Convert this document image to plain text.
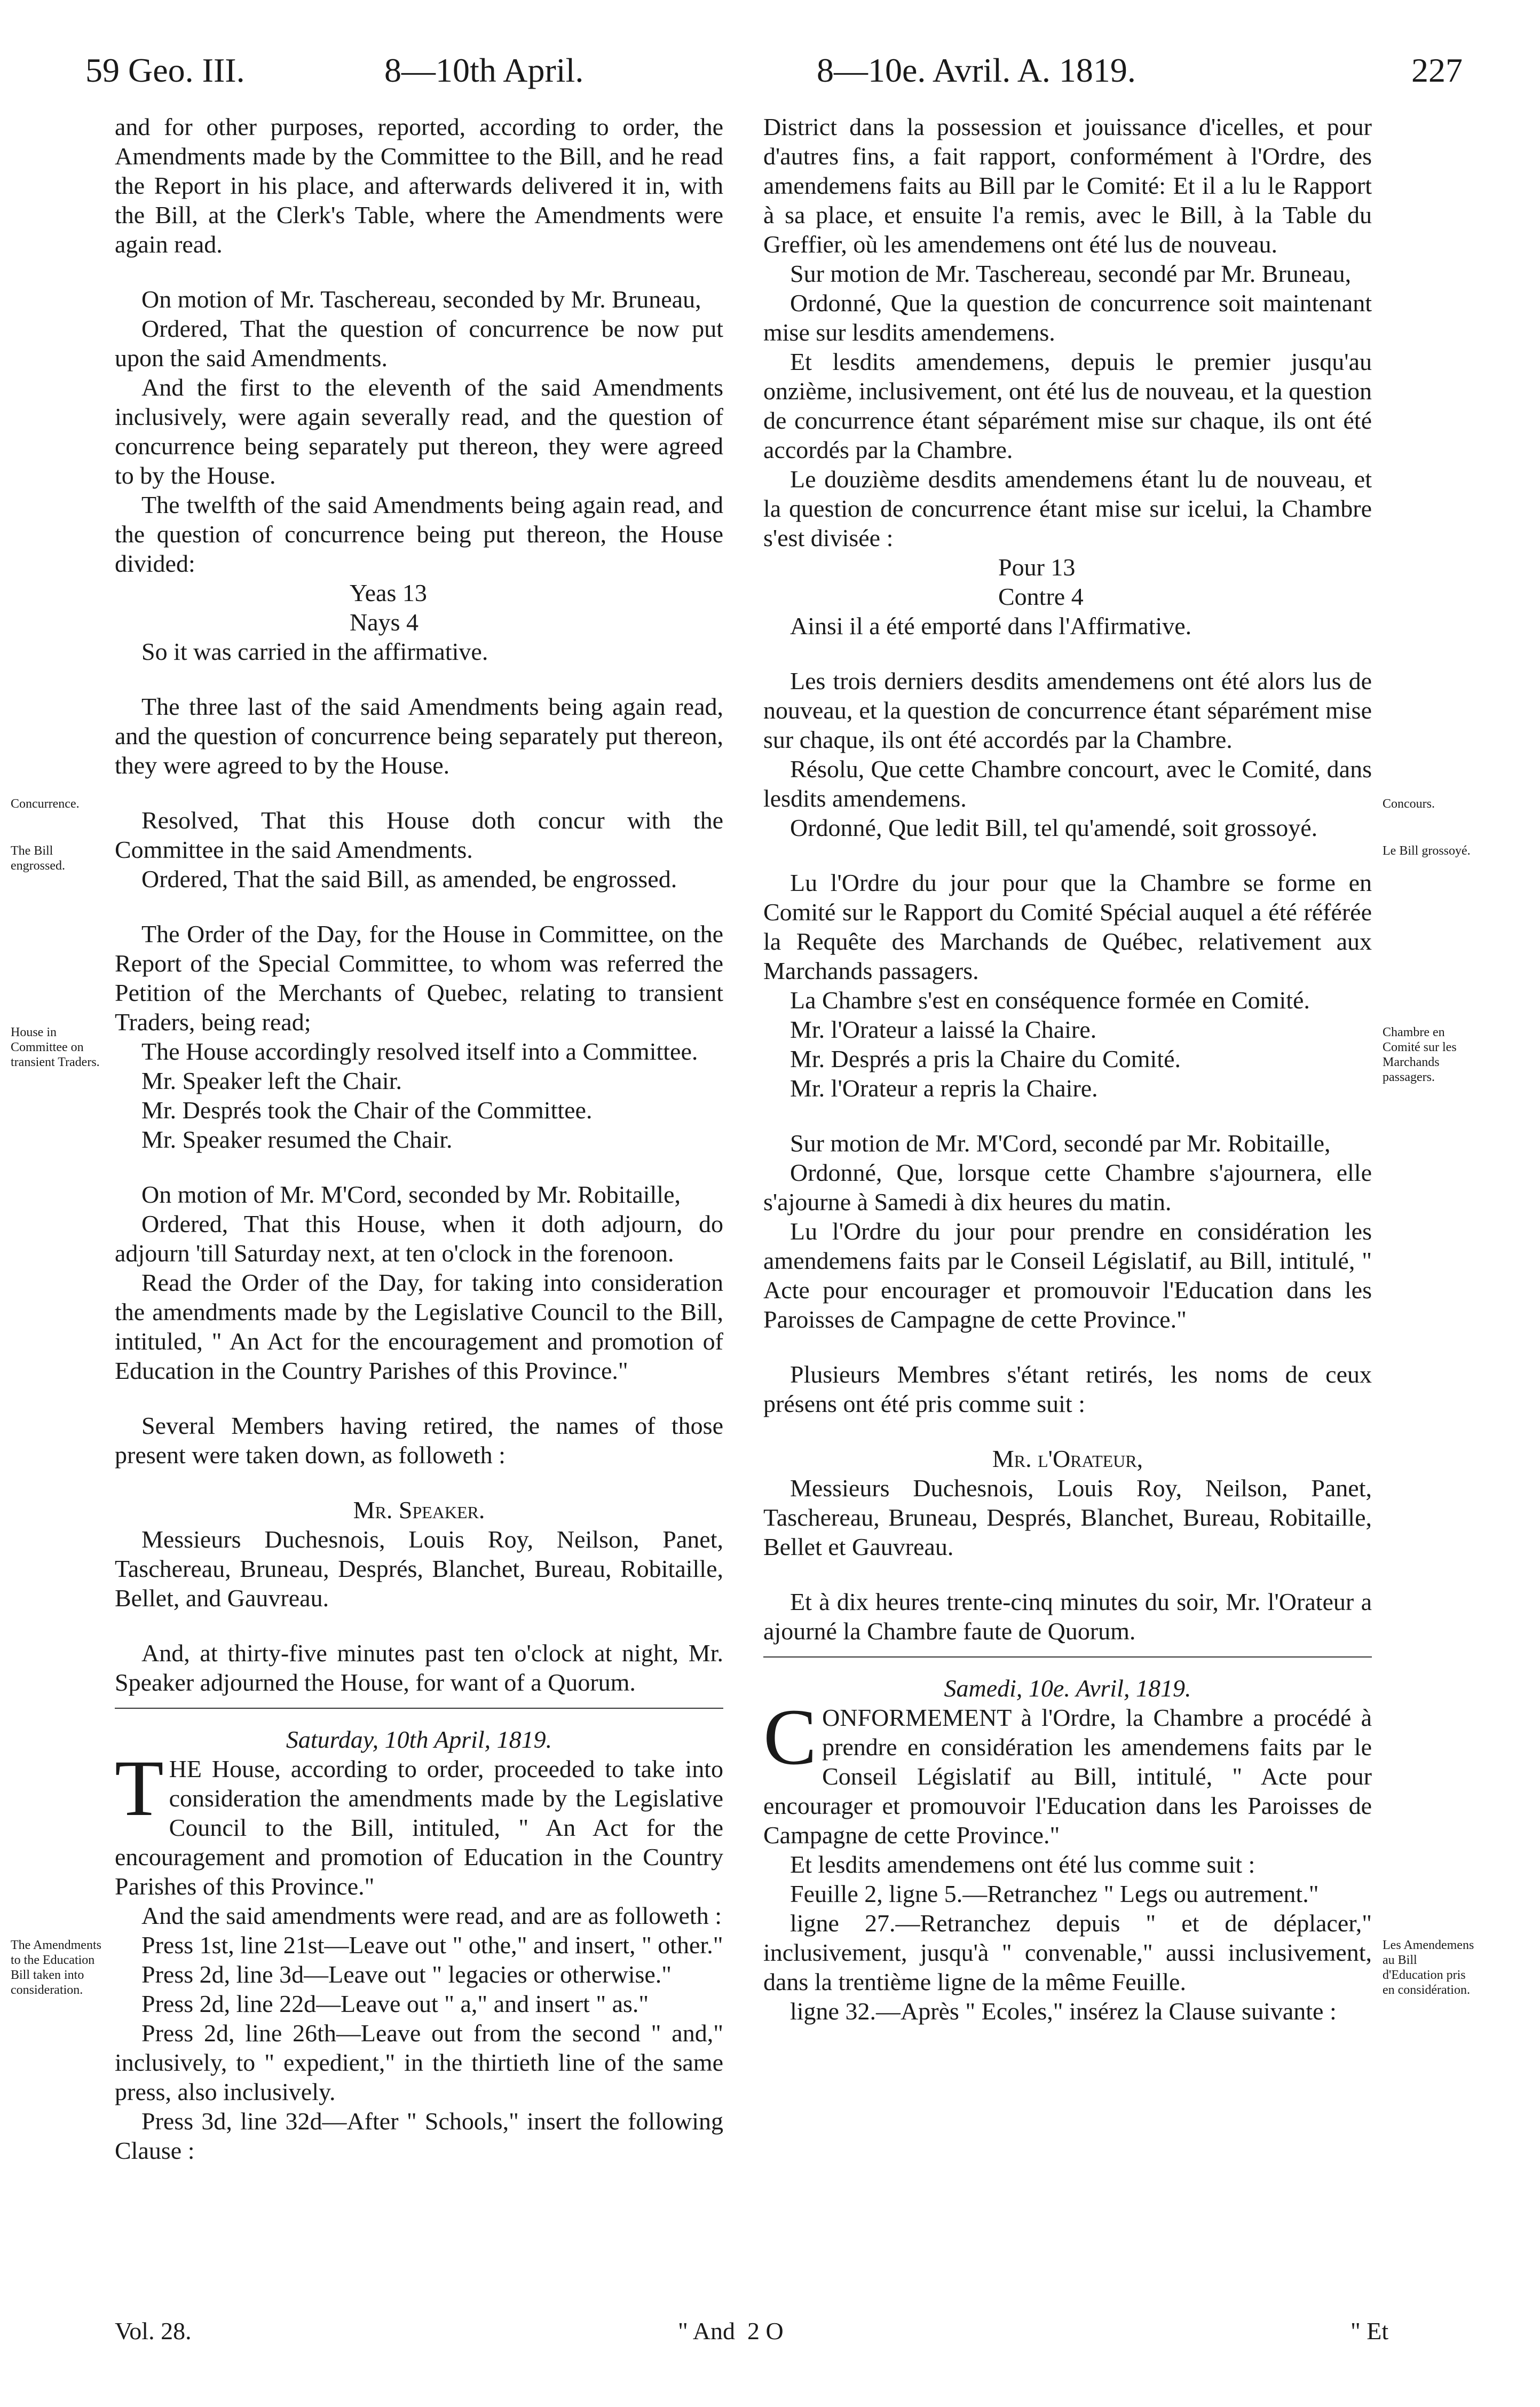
59 Geo. III.	8—10th April.	8—10e. Avril. A. 1819.	227
Concurrence.
The Bill engrossed.
House in Committee on transient Traders.
The Amendments to the Education Bill taken into consideration.
Concours.
Le Bill grossoyé.
Chambre en Comité sur les Marchands passagers.
Les Amendemens au Bill d'Education pris en considération.

and for other purposes, reported, according to order, the Amendments made by the Committee to the Bill, and he read the Report in his place, and afterwards delivered it in, with the Bill, at the Clerk's Table, where the Amendments were again read.

On motion of Mr. Taschereau, seconded by Mr. Bruneau,

Ordered, That the question of concurrence be now put upon the said Amendments.

And the first to the eleventh of the said Amendments inclusively, were again severally read, and the question of concurrence being separately put thereon, they were agreed to by the House.

The twelfth of the said Amendments being again read, and the question of concurrence being put thereon, the House divided:

Yeas 13

Nays 4

So it was carried in the affirmative.

The three last of the said Amendments being again read, and the question of concurrence being separately put thereon, they were agreed to by the House.

Resolved, That this House doth concur with the Committee in the said Amendments.

Ordered, That the said Bill, as amended, be engrossed.

The Order of the Day, for the House in Committee, on the Report of the Special Committee, to whom was referred the Petition of the Merchants of Quebec, relating to transient Traders, being read;

The House accordingly resolved itself into a Committee.

Mr. Speaker left the Chair.

Mr. Després took the Chair of the Committee.

Mr. Speaker resumed the Chair.

On motion of Mr. M'Cord, seconded by Mr. Robitaille,

Ordered, That this House, when it doth adjourn, do adjourn 'till Saturday next, at ten o'clock in the forenoon.

Read the Order of the Day, for taking into consideration the amendments made by the Legislative Council to the Bill, intituled, " An Act for the encouragement and promotion of Education in the Country Parishes of this Province."

Several Members having retired, the names of those present were taken down, as followeth :

Mr. Speaker.

Messieurs Duchesnois, Louis Roy, Neilson, Panet, Taschereau, Bruneau, Després, Blanchet, Bureau, Robitaille, Bellet, and Gauvreau.

And, at thirty-five minutes past ten o'clock at night, Mr. Speaker adjourned the House, for want of a Quorum.

Saturday, 10th April, 1819.

THE House, according to order, proceeded to take into consideration the amendments made by the Legislative Council to the Bill, intituled, " An Act for the encouragement and promotion of Education in the Country Parishes of this Province."

And the said amendments were read, and are as followeth :

Press 1st, line 21st—Leave out " othe," and insert, " other."

Press 2d, line 3d—Leave out " legacies or otherwise."

Press 2d, line 22d—Leave out " a," and insert " as."

Press 2d, line 26th—Leave out from the second " and," inclusively, to " expedient," in the thirtieth line of the same press, also inclusively.

Press 3d, line 32d—After " Schools," insert the following Clause :

District dans la possession et jouissance d'icelles, et pour d'autres fins, a fait rapport, conformément à l'Ordre, des amendemens faits au Bill par le Comité: Et il a lu le Rapport à sa place, et ensuite l'a remis, avec le Bill, à la Table du Greffier, où les amendemens ont été lus de nouveau.

Sur motion de Mr. Taschereau, secondé par Mr. Bruneau,

Ordonné, Que la question de concurrence soit maintenant mise sur lesdits amendemens.

Et lesdits amendemens, depuis le premier jusqu'au onzième, inclusivement, ont été lus de nouveau, et la question de concurrence étant séparément mise sur chaque, ils ont été accordés par la Chambre.

Le douzième desdits amendemens étant lu de nouveau, et la question de concurrence étant mise sur icelui, la Chambre s'est divisée :

Pour 13

Contre 4

Ainsi il a été emporté dans l'Affirmative.

Les trois derniers desdits amendemens ont été alors lus de nouveau, et la question de concurrence étant séparément mise sur chaque, ils ont été accordés par la Chambre.

Résolu, Que cette Chambre concourt, avec le Comité, dans lesdits amendemens.

Ordonné, Que ledit Bill, tel qu'amendé, soit grossoyé.

Lu l'Ordre du jour pour que la Chambre se forme en Comité sur le Rapport du Comité Spécial auquel a été référée la Requête des Marchands de Québec, relativement aux Marchands passagers.

La Chambre s'est en conséquence formée en Comité.

Mr. l'Orateur a laissé la Chaire.

Mr. Després a pris la Chaire du Comité.

Mr. l'Orateur a repris la Chaire.

Sur motion de Mr. M'Cord, secondé par Mr. Robitaille,

Ordonné, Que, lorsque cette Chambre s'ajournera, elle s'ajourne à Samedi à dix heures du matin.

Lu l'Ordre du jour pour prendre en considération les amendemens faits par le Conseil Législatif, au Bill, intitulé, " Acte pour encourager et promouvoir l'Education dans les Paroisses de Campagne de cette Province."

Plusieurs Membres s'étant retirés, les noms de ceux présens ont été pris comme suit :

Mr. l'Orateur,

Messieurs Duchesnois, Louis Roy, Neilson, Panet, Taschereau, Bruneau, Després, Blanchet, Bureau, Robitaille, Bellet et Gauvreau.

Et à dix heures trente-cinq minutes du soir, Mr. l'Orateur a ajourné la Chambre faute de Quorum.

Samedi, 10e. Avril, 1819.

CONFORMEMENT à l'Ordre, la Chambre a procédé à prendre en considération les amendemens faits par le Conseil Législatif au Bill, intitulé, " Acte pour encourager et promouvoir l'Education dans les Paroisses de Campagne de cette Province."

Et lesdits amendemens ont été lus comme suit :

Feuille 2, ligne 5.—Retranchez " Legs ou autrement."

ligne 27.—Retranchez depuis " et de déplacer," inclusivement, jusqu'à " convenable," aussi inclusivement, dans la trentième ligne de la même Feuille.

ligne 32.—Après " Ecoles," insérez la Clause suivante :

Vol. 28.	" And 2 O	" Et
